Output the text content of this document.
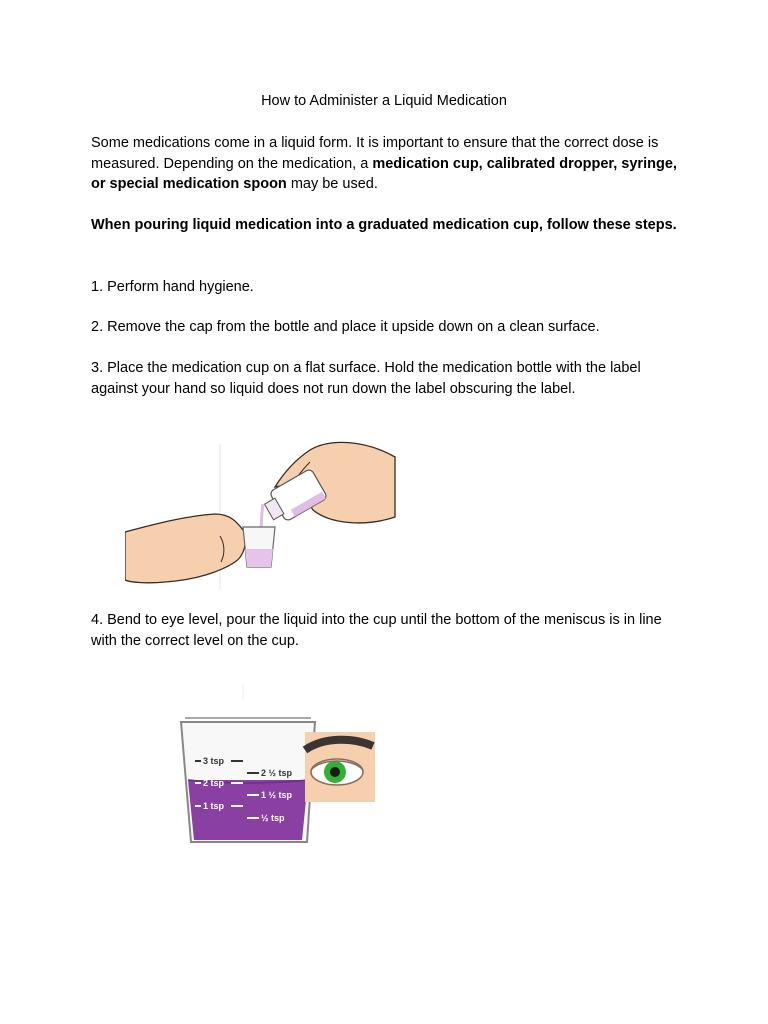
How to Administer a Liquid Medication
Some medications come in a liquid form. It is important to ensure that the correct dose is measured. Depending on the medication, a medication cup, calibrated dropper, syringe, or special medication spoon may be used.
When pouring liquid medication into a graduated medication cup, follow these steps.
1. Perform hand hygiene.
2. Remove the cap from the bottle and place it upside down on a clean surface.
3. Place the medication cup on a flat surface. Hold the medication bottle with the label against your hand so liquid does not run down the label obscuring the label.
4. Bend to eye level, pour the liquid into the cup until the bottom of the meniscus is in line with the correct level on the cup.
3 tsp
2 tsp
1 tsp
2 ½ tsp
1 ½ tsp
½ tsp
